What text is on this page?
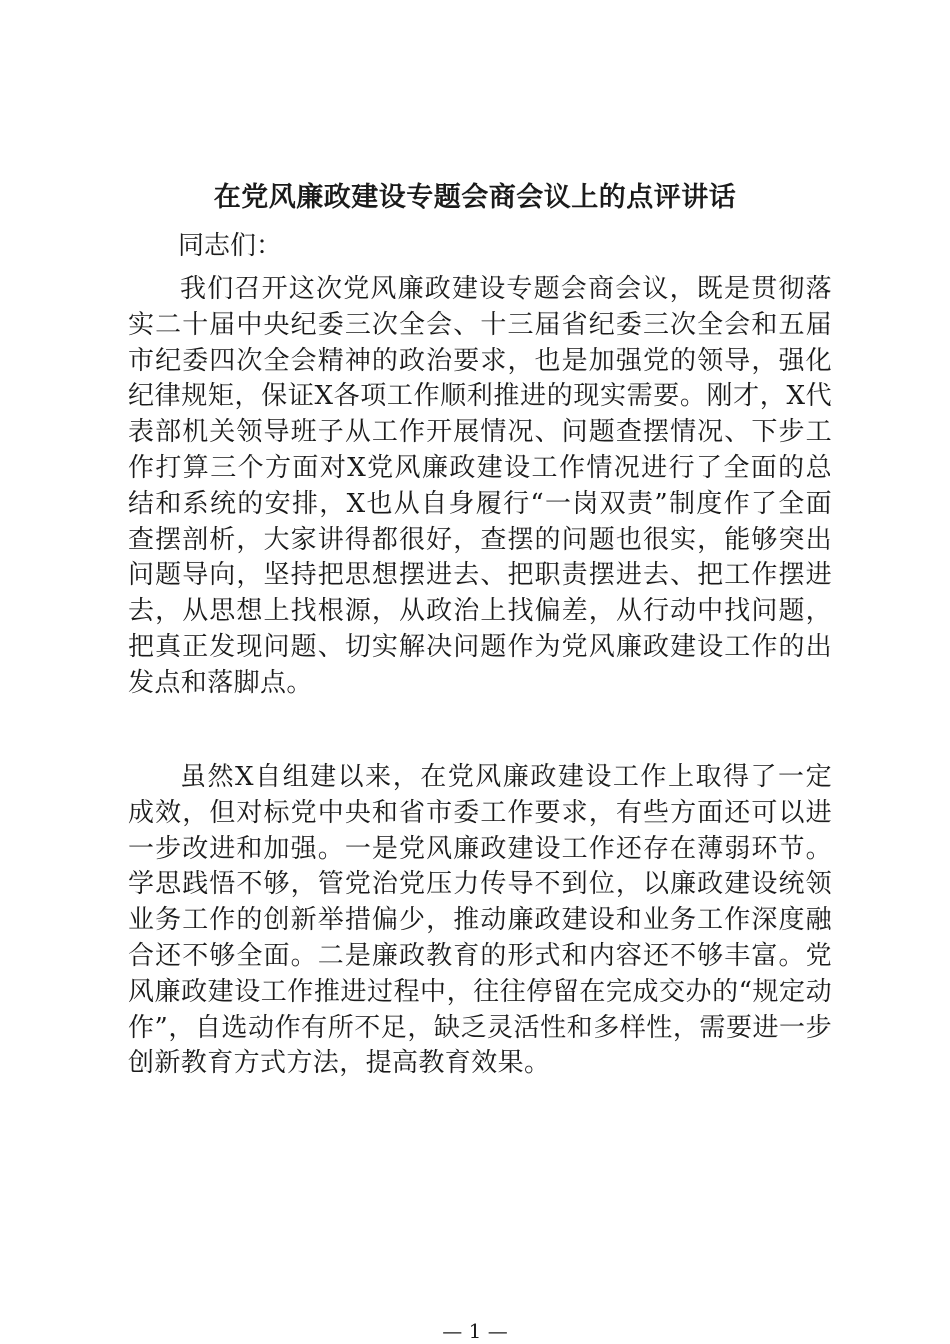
在党风廉政建设专题会商会议上的点评讲话

同志们：

我们召开这次党风廉政建设专题会商会议，既是贯彻落实二十届中央纪委三次全会、十三届省纪委三次全会和五届市纪委四次全会精神的政治要求，也是加强党的领导，强化纪律规矩，保证X各项工作顺利推进的现实需要。刚才，X代表部机关领导班子从工作开展情况、问题查摆情况、下步工作打算三个方面对X党风廉政建设工作情况进行了全面的总结和系统的安排，X也从自身履行“一岗双责”制度作了全面查摆剖析，大家讲得都很好，查摆的问题也很实，能够突出问题导向，坚持把思想摆进去、把职责摆进去、把工作摆进去，从思想上找根源，从政治上找偏差，从行动中找问题，把真正发现问题、切实解决问题作为党风廉政建设工作的出发点和落脚点。

虽然X自组建以来，在党风廉政建设工作上取得了一定成效，但对标党中央和省市委工作要求，有些方面还可以进一步改进和加强。一是党风廉政建设工作还存在薄弱环节。学思践悟不够，管党治党压力传导不到位，以廉政建设统领业务工作的创新举措偏少，推动廉政建设和业务工作深度融合还不够全面。二是廉政教育的形式和内容还不够丰富。党风廉政建设工作推进过程中，往往停留在完成交办的“规定动作”，自选动作有所不足，缺乏灵活性和多样性，需要进一步创新教育方式方法，提高教育效果。

— 1 —
